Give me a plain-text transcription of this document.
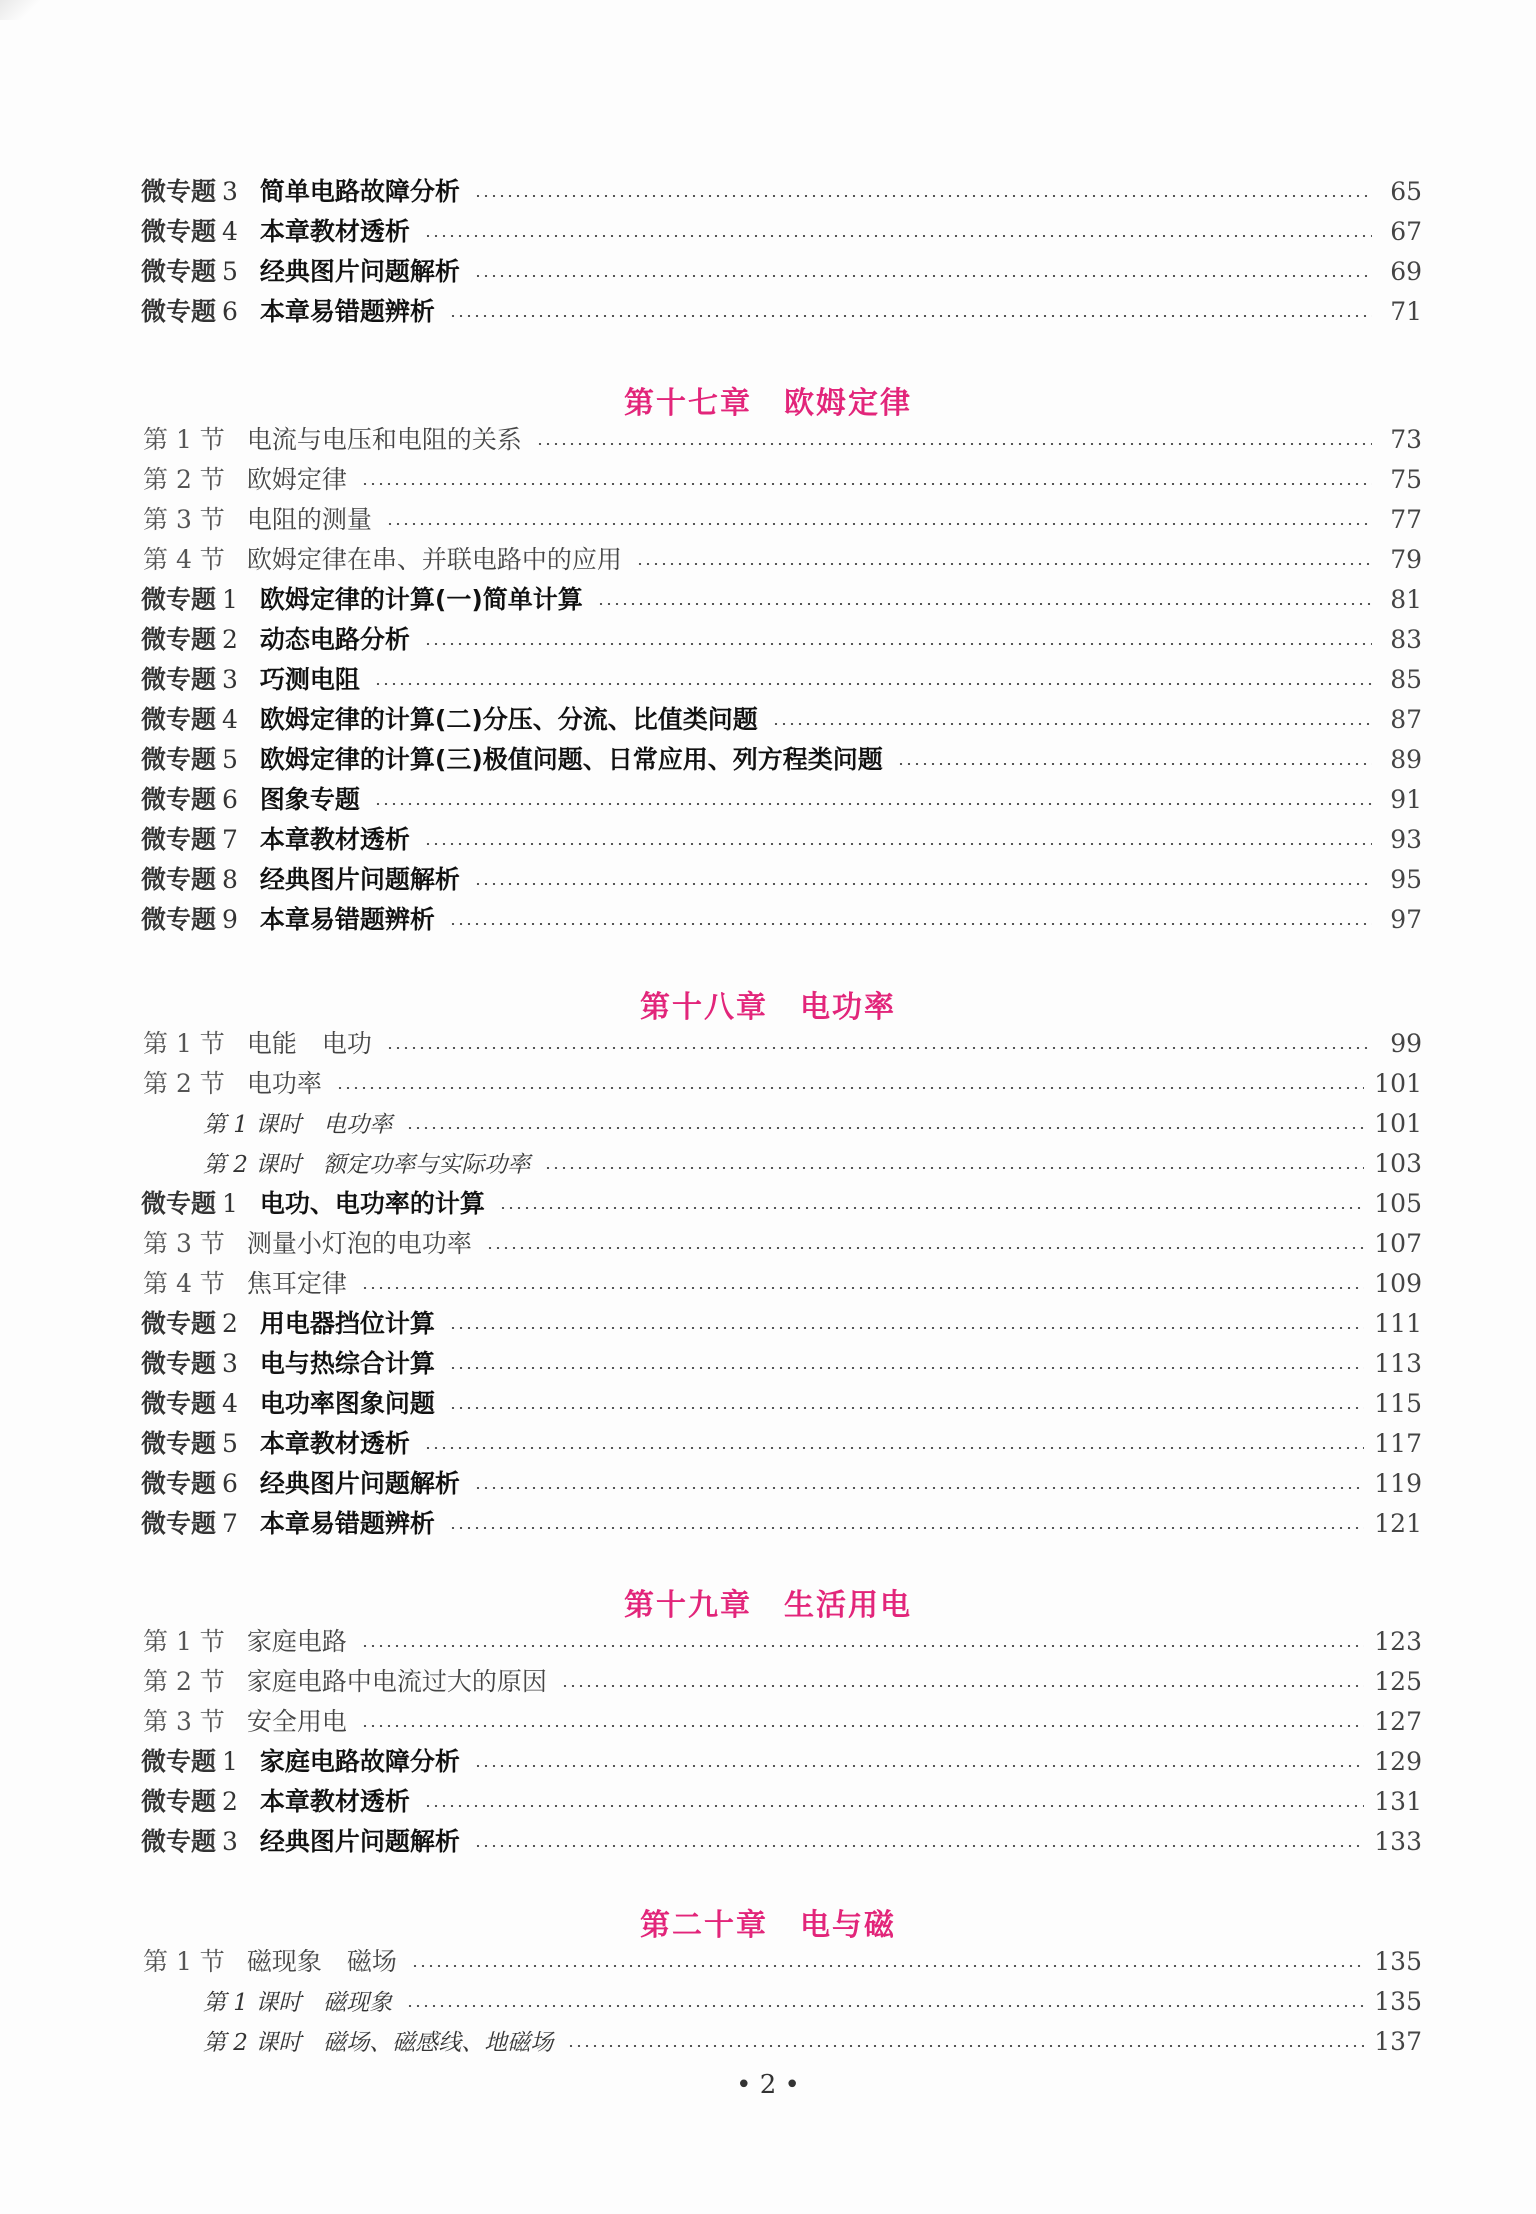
微专题 3 简单电路故障分析	65
微专题 4 本章教材透析	67
微专题 5 经典图片问题解析	69
微专题 6 本章易错题辨析	71
第十七章　欧姆定律
第 1 节 电流与电压和电阻的关系	73
第 2 节 欧姆定律	75
第 3 节 电阻的测量	77
第 4 节 欧姆定律在串、并联电路中的应用	79
微专题 1 欧姆定律的计算(一)简单计算	81
微专题 2 动态电路分析	83
微专题 3 巧测电阻	85
微专题 4 欧姆定律的计算(二)分压、分流、比值类问题	87
微专题 5 欧姆定律的计算(三)极值问题、日常应用、列方程类问题	89
微专题 6 图象专题	91
微专题 7 本章教材透析	93
微专题 8 经典图片问题解析	95
微专题 9 本章易错题辨析	97
第十八章　电功率
第 1 节 电能　电功	99
第 2 节 电功率	101
第 1 课时 电功率	101
第 2 课时 额定功率与实际功率	103
微专题 1 电功、电功率的计算	105
第 3 节 测量小灯泡的电功率	107
第 4 节 焦耳定律	109
微专题 2 用电器挡位计算	111
微专题 3 电与热综合计算	113
微专题 4 电功率图象问题	115
微专题 5 本章教材透析	117
微专题 6 经典图片问题解析	119
微专题 7 本章易错题辨析	121
第十九章　生活用电
第 1 节 家庭电路	123
第 2 节 家庭电路中电流过大的原因	125
第 3 节 安全用电	127
微专题 1 家庭电路故障分析	129
微专题 2 本章教材透析	131
微专题 3 经典图片问题解析	133
第二十章　电与磁
第 1 节 磁现象　磁场	135
第 1 课时 磁现象	135
第 2 课时 磁场、磁感线、地磁场	137
• 2 •
